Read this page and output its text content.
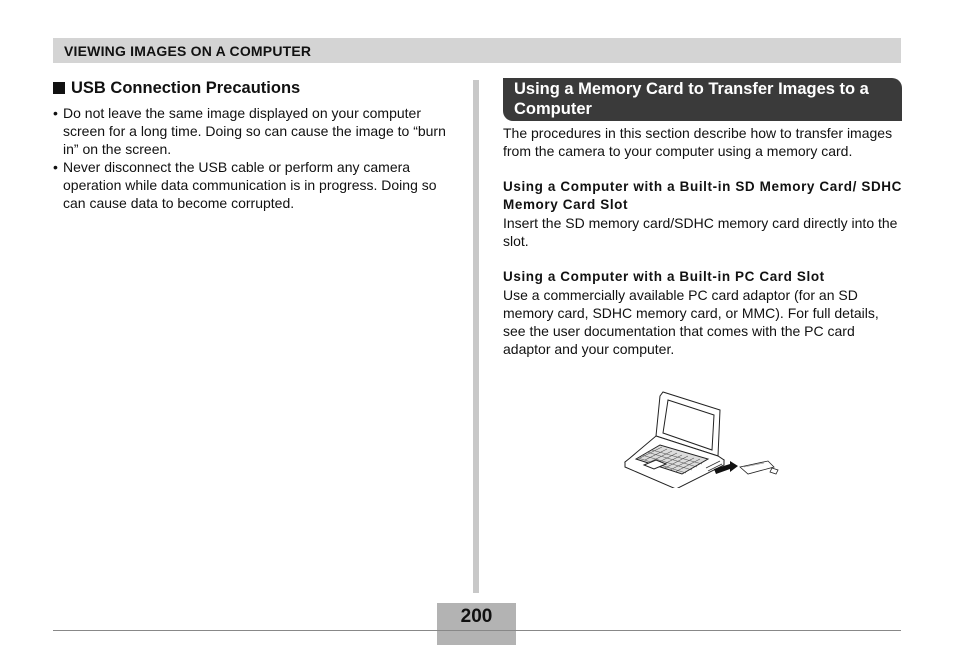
VIEWING IMAGES ON A COMPUTER
USB Connection Precautions
• Do not leave the same image displayed on your computer screen for a long time. Doing so can cause the image to “burn in” on the screen.
• Never disconnect the USB cable or perform any camera operation while data communication is in progress. Doing so can cause data to become corrupted.
Using a Memory Card to Transfer Images to a Computer

The procedures in this section describe how to transfer images from the camera to your computer using a memory card.

Using a Computer with a Built-in SD Memory Card/ SDHC Memory Card Slot

Insert the SD memory card/SDHC memory card directly into the slot.

Using a Computer with a Built-in PC Card Slot

Use a commercially available PC card adaptor (for an SD memory card, SDHC memory card, or MMC). For full details, see the user documentation that comes with the PC card adaptor and your computer.

200
